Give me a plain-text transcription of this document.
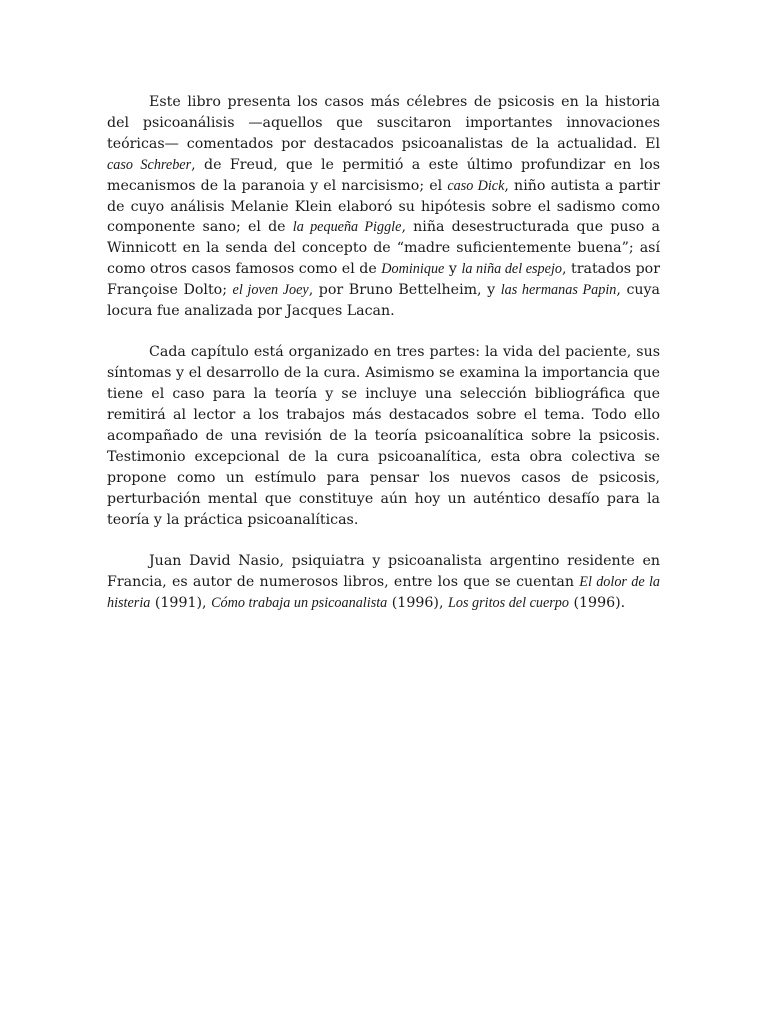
Este libro presenta los casos más célebres de psicosis en la historia del psicoanálisis —aquellos que suscitaron importantes innovaciones teóricas— comentados por destacados psicoanalistas de la actualidad. El caso Schreber, de Freud, que le permitió a este último profundizar en los mecanismos de la paranoia y el narcisismo; el caso Dick, niño autista a partir de cuyo análisis Melanie Klein elaboró su hipótesis sobre el sadismo como componente sano; el de la pequeña Piggle, niña desestructurada que puso a Winnicott en la senda del concepto de “madre suficientemente buena”; así como otros casos famosos como el de Dominique y la niña del espejo, tratados por Françoise Dolto; el joven Joey, por Bruno Bettelheim, y las hermanas Papin, cuya locura fue analizada por Jacques Lacan.

Cada capítulo está organizado en tres partes: la vida del paciente, sus síntomas y el desarrollo de la cura. Asimismo se examina la importancia que tiene el caso para la teoría y se incluye una selección bibliográfica que remitirá al lector a los trabajos más destacados sobre el tema. Todo ello acompañado de una revisión de la teoría psicoanalítica sobre la psicosis. Testimonio excepcional de la cura psicoanalítica, esta obra colectiva se propone como un estímulo para pensar los nuevos casos de psicosis, perturbación mental que constituye aún hoy un auténtico desafío para la teoría y la práctica psicoanalíticas.

Juan David Nasio, psiquiatra y psicoanalista argentino residente en Francia, es autor de numerosos libros, entre los que se cuentan El dolor de la histeria (1991), Cómo trabaja un psicoanalista (1996), Los gritos del cuerpo (1996).
